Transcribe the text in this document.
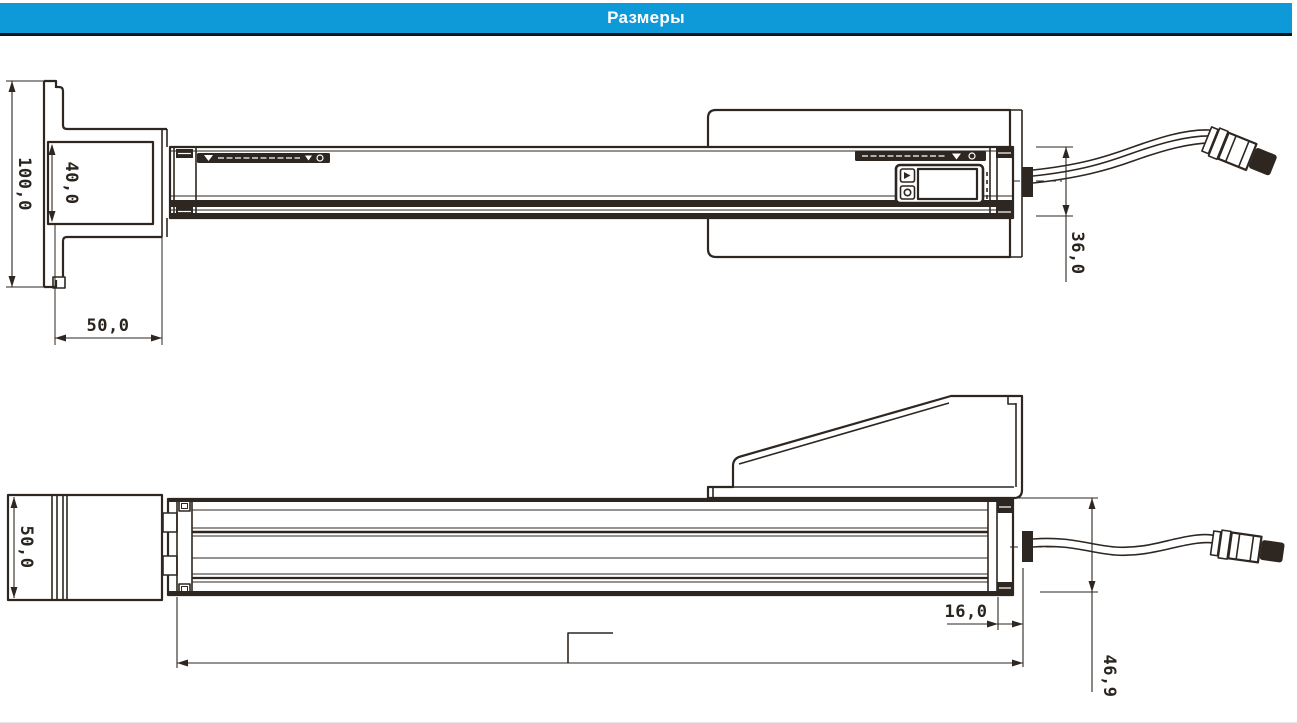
Размеры
100,0 40,0
50,0
36,0
50,0
16,0
46,9
